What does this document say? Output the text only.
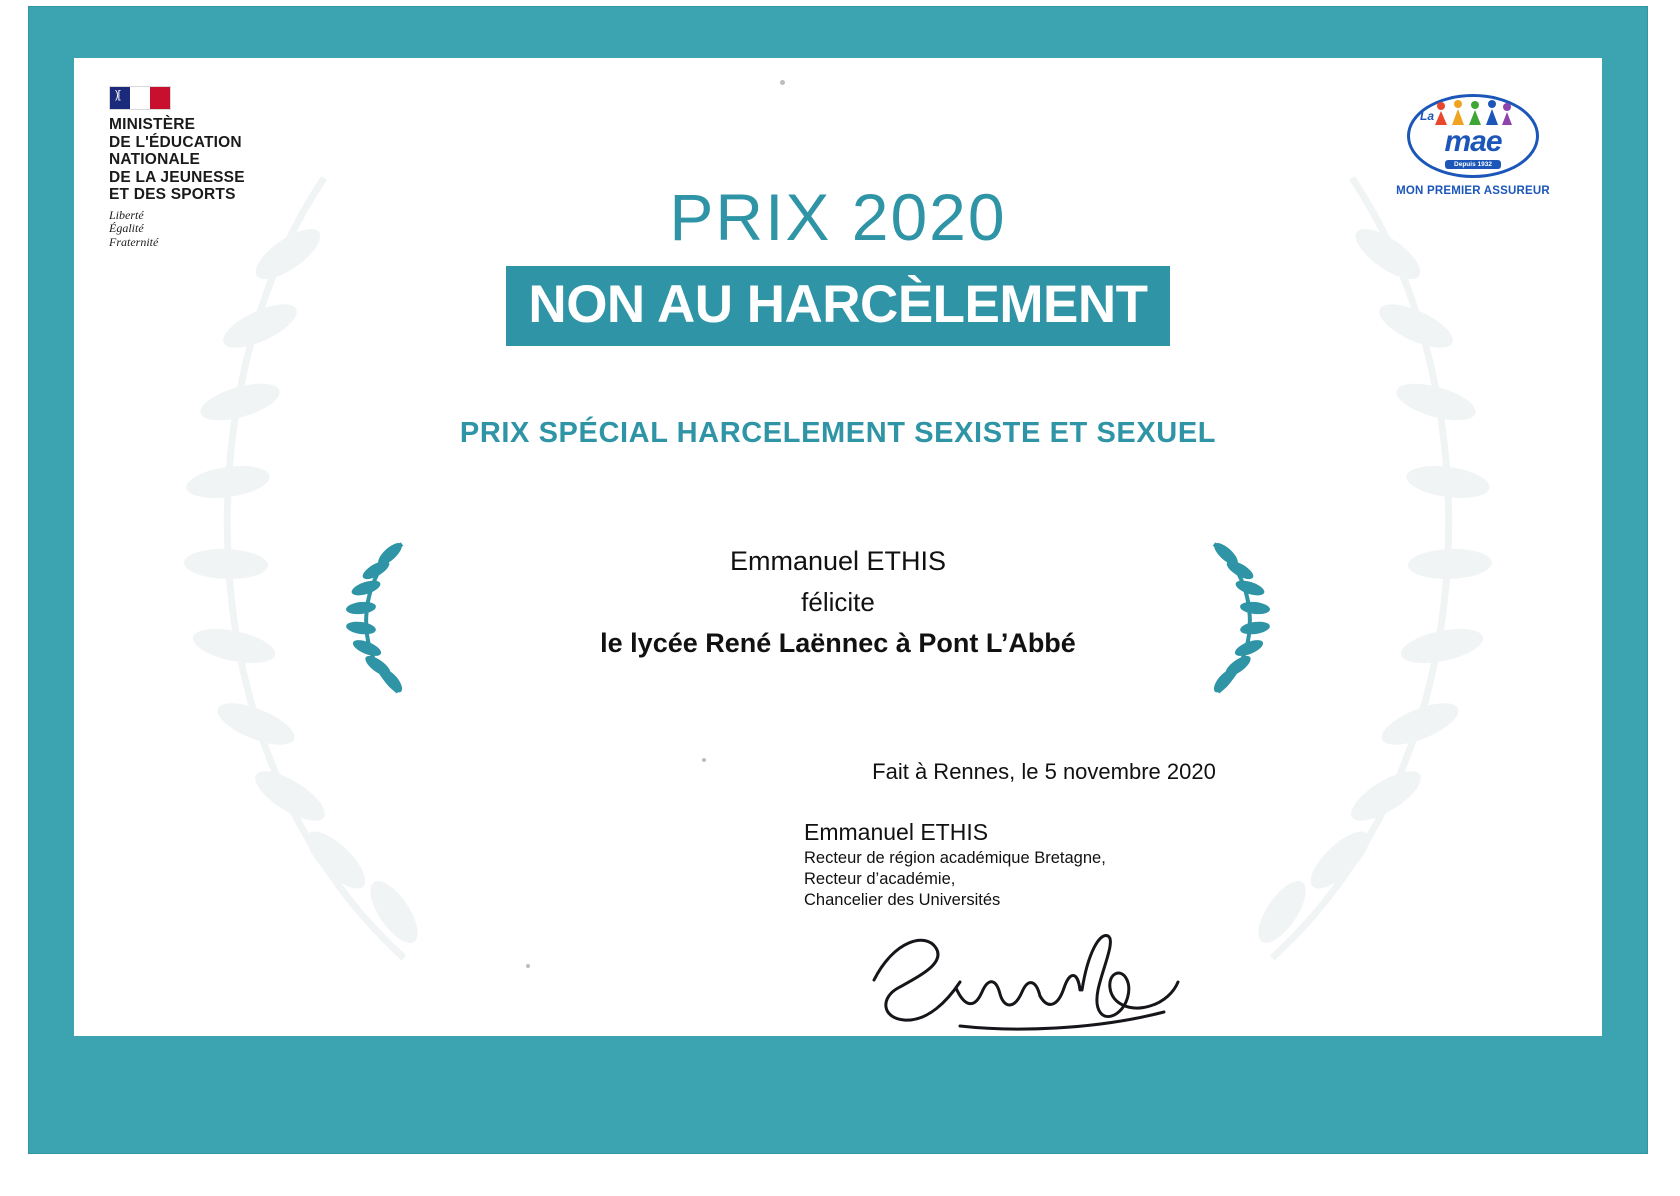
)[
MINISTÈRE
DE L'ÉDUCATION
NATIONALE
DE LA JEUNESSE
ET DES SPORTS
Liberté
Égalité
Fraternité
La
mae
Depuis 1932
MON PREMIER ASSUREUR
PRIX 2020
NON AU HARCÈLEMENT
PRIX SPÉCIAL HARCELEMENT SEXISTE ET SEXUEL
Emmanuel ETHIS
félicite
le lycée René Laënnec à Pont L’Abbé
Fait à Rennes, le 5 novembre 2020
Emmanuel ETHIS
Recteur de région académique Bretagne,
Recteur d’académie,
Chancelier des Universités
